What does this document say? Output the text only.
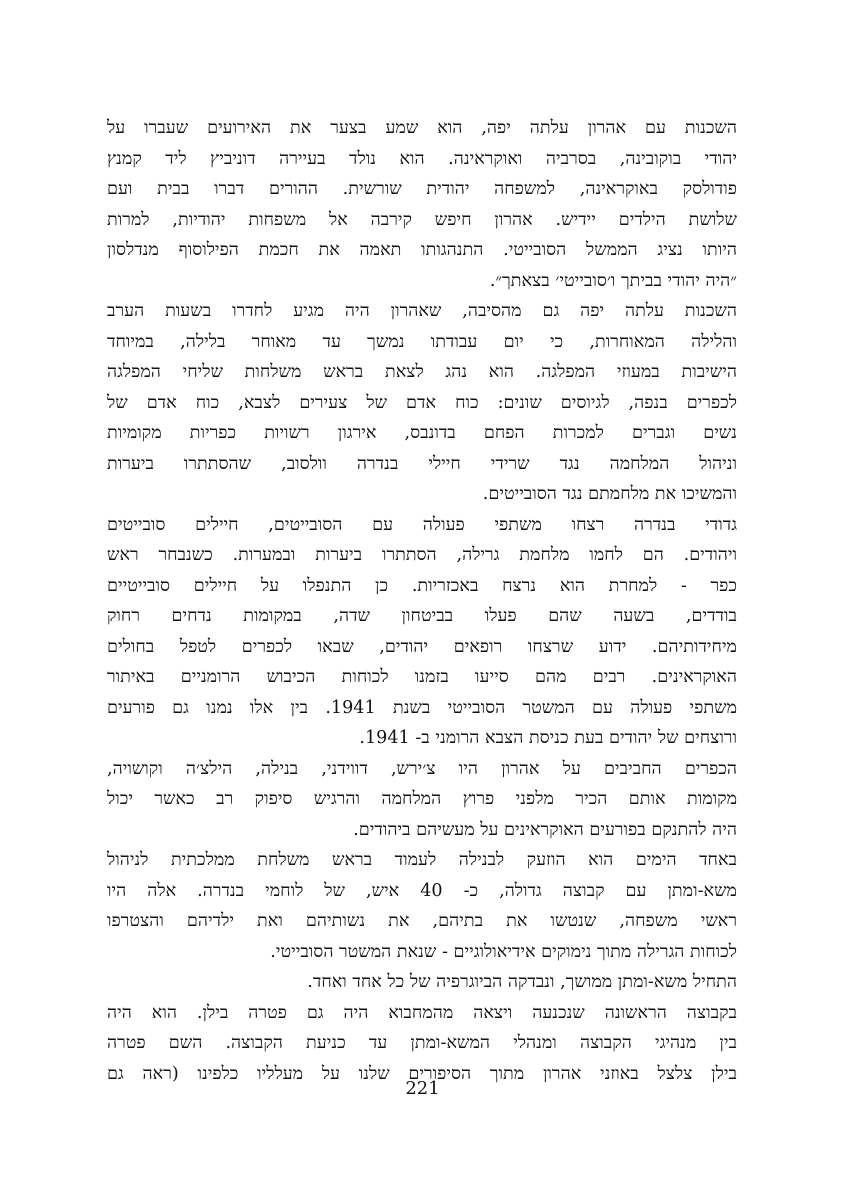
השכנות עם אהרון עלתה יפה, הוא שמע בצער את האירועים שעברו על
יהודי בוקובינה, בסרביה ואוקראינה. הוא נולד בעיירה דוניביץ ליד קמנץ
פודולסק באוקראינה, למשפחה יהודית שורשית. ההורים דברו בבית ועם
שלושת הילדים יידיש. אהרון חיפש קירבה אל משפחות יהודיות, למרות
היותו נציג הממשל הסובייטי. התנהגותו תאמה את חכמת הפילוסוף מנדלסון
״היה יהודי בביתך ו׳סובייטי׳ בצאתך״.
השכנות עלתה יפה גם מהסיבה, שאהרון היה מגיע לחדרו בשעות הערב
והלילה המאוחרות, כי יום עבודתו נמשך עד מאוחר בלילה, במיוחד
הישיבות במעוזי המפלגה. הוא נהג לצאת בראש משלחות שליחי המפלגה
לכפרים בנפה, לגיוסים שונים: כוח אדם של צעירים לצבא, כוח אדם של
נשים וגברים למכרות הפחם בדונבס, אירגון רשויות כפריות מקומיות
וניהול המלחמה נגד שרידי חיילי בנדרה וולסוב, שהסתתרו ביערות
והמשיכו את מלחמתם נגד הסובייטים.
גדודי בנדרה רצחו משתפי פעולה עם הסובייטים, חיילים סובייטים
ויהודים. הם לחמו מלחמת גרילה, הסתתרו ביערות ובמערות. כשנבחר ראש
כפר - למחרת הוא נרצח באכזריות. כן התנפלו על חיילים סובייטיים
בודדים, בשעה שהם פעלו בביטחון שדה, במקומות נדחים רחוק
מיחידותיהם. ידוע שרצחו רופאים יהודים, שבאו לכפרים לטפל בחולים
האוקראינים. רבים מהם סייעו בזמנו לכוחות הכיבוש הרומניים באיתור
משתפי פעולה עם המשטר הסובייטי בשנת 1941. בין אלו נמנו גם פורעים
ורוצחים של יהודים בעת כניסת הצבא הרומני ב- 1941.
הכפרים החביבים על אהרון היו צ׳ירש, דווידני, בנילה, הילצ׳ה וקושויה,
מקומות אותם הכיר מלפני פרוץ המלחמה והרגיש סיפוק רב כאשר יכול
היה להתנקם בפורעים האוקראינים על מעשיהם ביהודים.
באחד הימים הוא הוזעק לבנילה לעמוד בראש משלחת ממלכתית לניהול
משא-ומתן עם קבוצה גדולה, כ- 40 איש, של לוחמי בנדרה. אלה היו
ראשי משפחה, שנטשו את בתיהם, את נשותיהם ואת ילדיהם והצטרפו
לכוחות הגרילה מתוך נימוקים אידיאולוגיים - שנאת המשטר הסובייטי.
התחיל משא-ומתן ממושך, ונבדקה הביוגרפיה של כל אחד ואחד.
בקבוצה הראשונה שנכנעה ויצאה מהמחבוא היה גם פטרה בילן. הוא היה
בין מנהיגי הקבוצה ומנהלי המשא-ומתן עד כניעת הקבוצה. השם פטרה
בילן צלצל באוזני אהרון מתוך הסיפורים שלנו על מעלליו כלפינו (ראה גם
221
